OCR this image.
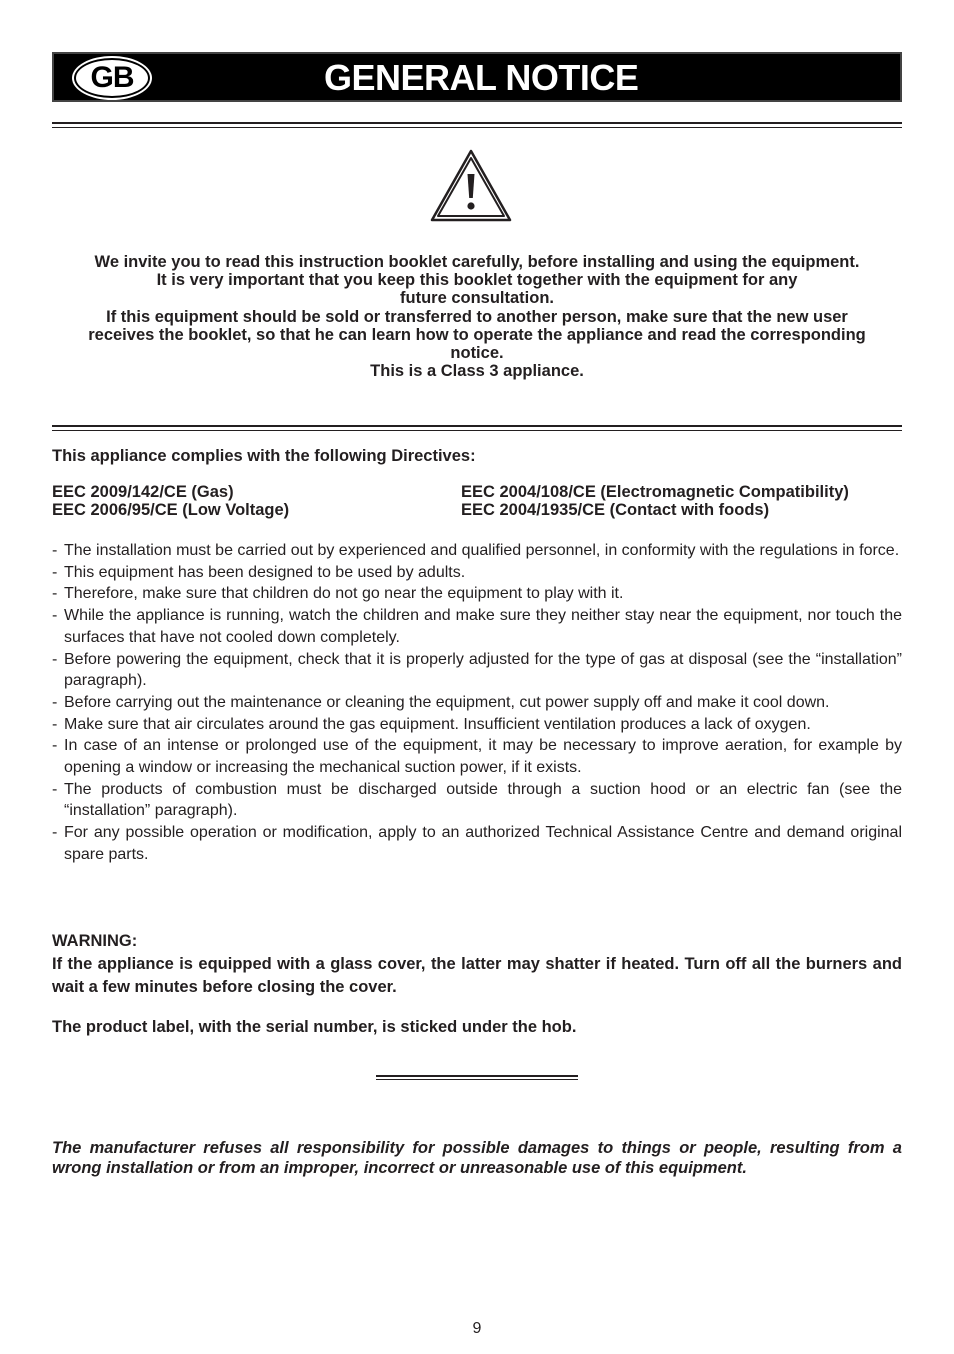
GB	GENERAL NOTICE

We invite you to read this instruction booklet carefully, before installing and using the equipment.

It is very important that you keep this booklet together with the equipment for any future consultation.

If this equipment should be sold or transferred to another person, make sure that the new user receives the booklet, so that he can learn how to operate the appliance and read the corresponding notice.

This is a Class 3 appliance.

This appliance complies with the following Directives:

EEC 2009/142/CE (Gas)
EEC 2006/95/CE (Low Voltage)
EEC 2004/108/CE (Electromagnetic Compatibility)
EEC 2004/1935/CE (Contact with foods)
- The installation must be carried out by experienced and qualified personnel, in conformity with the regulations in force.
- This equipment has been designed to be used by adults.
- Therefore, make sure that children do not go near the equipment to play with it.
- While the appliance is running, watch the children and make sure they neither stay near the equipment, nor touch the surfaces that have not cooled down completely.
- Before powering the equipment, check that it is properly adjusted for the type of gas at disposal (see the “installation” paragraph).
- Before carrying out the maintenance or cleaning the equipment, cut power supply off and make it cool down.
- Make sure that air circulates around the gas equipment. Insufficient ventilation produces a lack of oxygen.
- In case of an intense or prolonged use of the equipment, it may be necessary to improve aeration, for example by opening a window or increasing the mechanical suction power, if it exists.
- The products of combustion must be discharged outside through a suction hood or an electric fan (see the “installation” paragraph).
- For any possible operation or modification, apply to an authorized Technical Assistance Centre and demand original spare parts.

WARNING:

If the appliance is equipped with a glass cover, the latter may shatter if heated. Turn off all the burners and wait a few minutes before closing the cover.

The product label, with the serial number, is sticked under the hob.

The manufacturer refuses all responsibility for possible damages to things or people, resulting from a wrong installation or from an improper, incorrect or unreasonable use of this equipment.

9
